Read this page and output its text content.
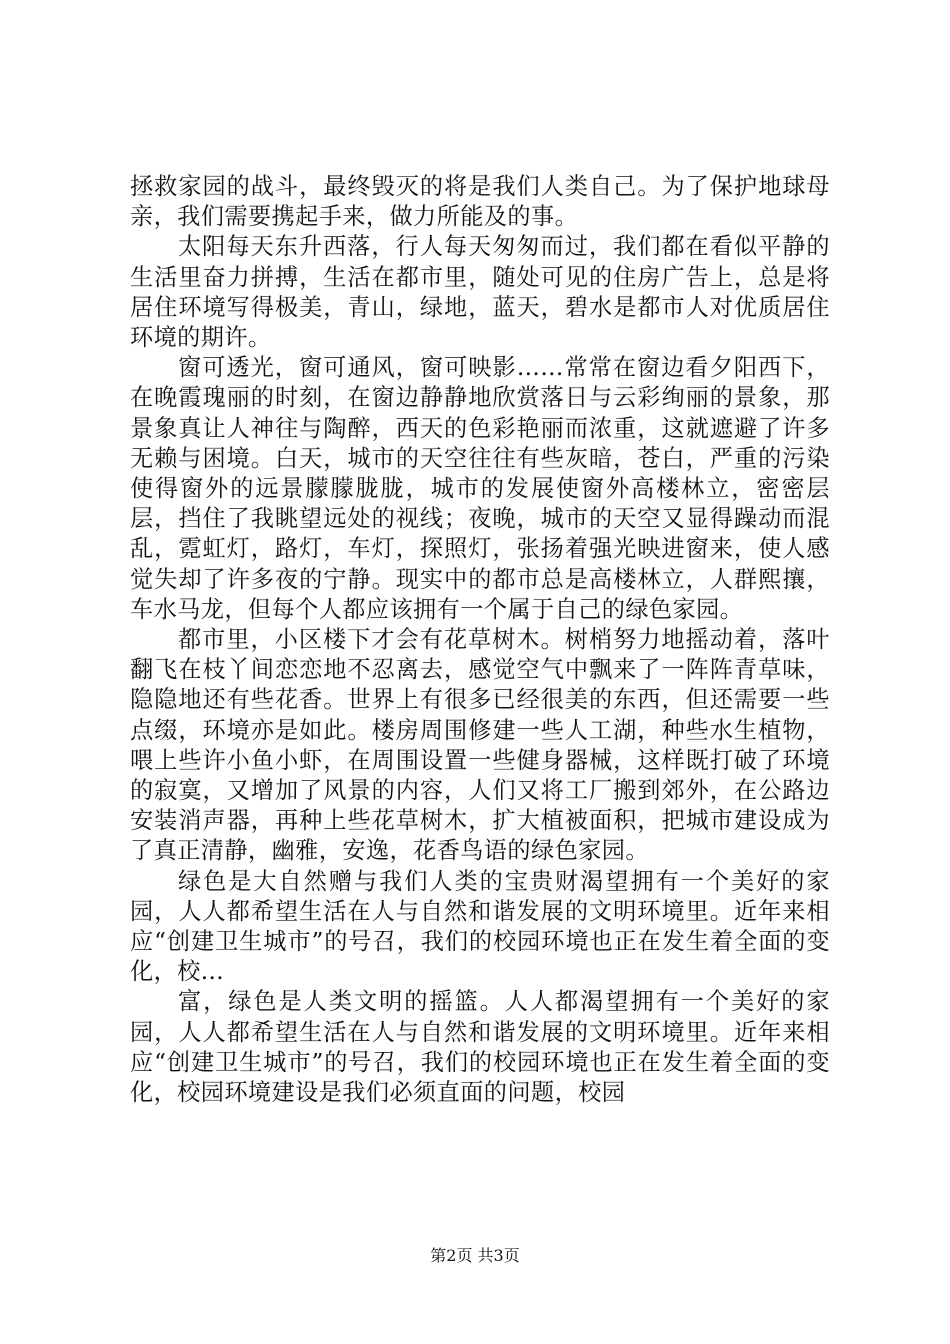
拯救家园的战斗，最终毁灭的将是我们人类自己。为了保护地球母亲，我们需要携起手来，做力所能及的事。

太阳每天东升西落，行人每天匆匆而过，我们都在看似平静的生活里奋力拼搏，生活在都市里，随处可见的住房广告上，总是将居住环境写得极美，青山，绿地，蓝天，碧水是都市人对优质居住环境的期许。

窗可透光，窗可通风，窗可映影……常常在窗边看夕阳西下，在晚霞瑰丽的时刻，在窗边静静地欣赏落日与云彩绚丽的景象，那景象真让人神往与陶醉，西天的色彩艳丽而浓重，这就遮避了许多无赖与困境。白天，城市的天空往往有些灰暗，苍白，严重的污染使得窗外的远景朦朦胧胧，城市的发展使窗外高楼林立，密密层层，挡住了我眺望远处的视线；夜晚，城市的天空又显得躁动而混乱，霓虹灯，路灯，车灯，探照灯，张扬着强光映进窗来，使人感觉失却了许多夜的宁静。现实中的都市总是高楼林立，人群熙攘，车水马龙，但每个人都应该拥有一个属于自己的绿色家园。

都市里，小区楼下才会有花草树木。树梢努力地摇动着，落叶翻飞在枝丫间恋恋地不忍离去，感觉空气中飘来了一阵阵青草味，隐隐地还有些花香。世界上有很多已经很美的东西，但还需要一些点缀，环境亦是如此。楼房周围修建一些人工湖，种些水生植物，喂上些许小鱼小虾，在周围设置一些健身器械，这样既打破了环境的寂寞，又增加了风景的内容，人们又将工厂搬到郊外，在公路边安装消声器，再种上些花草树木，扩大植被面积，把城市建设成为了真正清静，幽雅，安逸，花香鸟语的绿色家园。

绿色是大自然赠与我们人类的宝贵财渴望拥有一个美好的家园，人人都希望生活在人与自然和谐发展的文明环境里。近年来相应“创建卫生城市”的号召，我们的校园环境也正在发生着全面的变化，校...

富，绿色是人类文明的摇篮。人人都渴望拥有一个美好的家园，人人都希望生活在人与自然和谐发展的文明环境里。近年来相应“创建卫生城市”的号召，我们的校园环境也正在发生着全面的变化，校园环境建设是我们必须直面的问题，校园

第2页 共3页
